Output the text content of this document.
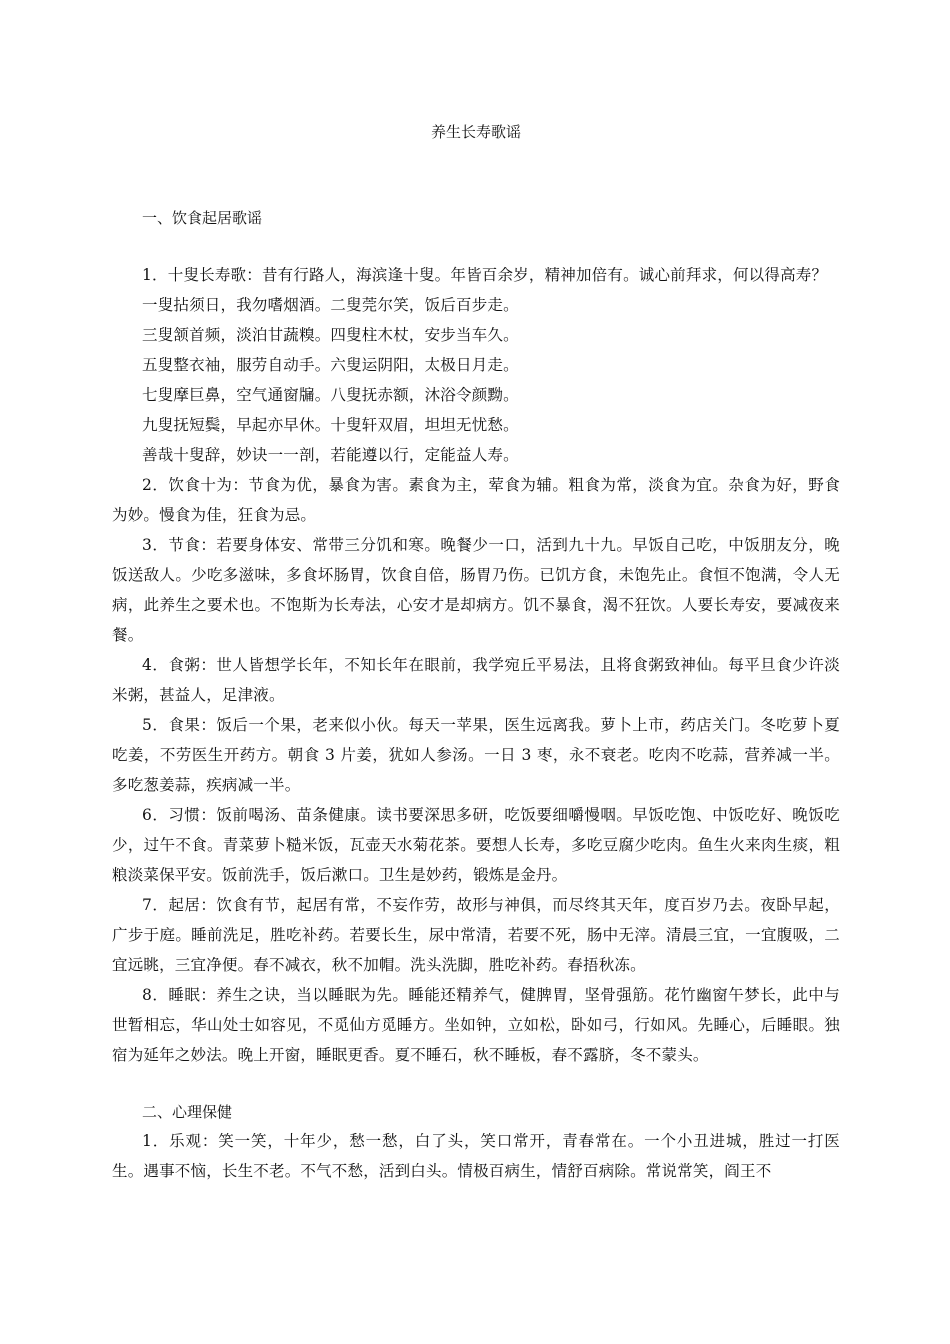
养生长寿歌谣

一、饮食起居歌谣

1．十叟长寿歌：昔有行路人，海滨逢十叟。年皆百余岁，精神加倍有。诚心前拜求，何以得高寿？

一叟拈须日，我勿嗜烟酒。二叟莞尔笑，饭后百步走。

三叟颔首频，淡泊甘蔬糗。四叟柱木杖，安步当车久。

五叟整衣袖，服劳自动手。六叟运阴阳，太极日月走。

七叟摩巨鼻，空气通窗牖。八叟抚赤额，沐浴令颜黝。

九叟抚短鬓，早起亦早休。十叟轩双眉，坦坦无忧愁。

善哉十叟辞，妙诀一一剖，若能遵以行，定能益人寿。

2．饮食十为：节食为优，暴食为害。素食为主，荤食为辅。粗食为常，淡食为宜。杂食为好，野食为妙。慢食为佳，狂食为忌。

3．节食：若要身体安、常带三分饥和寒。晚餐少一口，活到九十九。早饭自己吃，中饭朋友分，晚饭送敌人。少吃多滋味，多食坏肠胃，饮食自倍，肠胃乃伤。已饥方食，未饱先止。食恒不饱满，令人无病，此养生之要术也。不饱斯为长寿法，心安才是却病方。饥不暴食，渴不狂饮。人要长寿安，要减夜来餐。

4．食粥：世人皆想学长年，不知长年在眼前，我学宛丘平易法，且将食粥致神仙。每平旦食少许淡米粥，甚益人，足津液。

5．食果：饭后一个果，老来似小伙。每天一苹果，医生远离我。萝卜上市，药店关门。冬吃萝卜夏吃姜，不劳医生开药方。朝食 3 片姜，犹如人参汤。一日 3 枣，永不衰老。吃肉不吃蒜，营养减一半。多吃葱姜蒜，疾病减一半。

6．习惯：饭前喝汤、苗条健康。读书要深思多研，吃饭要细嚼慢咽。早饭吃饱、中饭吃好、晚饭吃少，过午不食。青菜萝卜糙米饭，瓦壶天水菊花茶。要想人长寿，多吃豆腐少吃肉。鱼生火来肉生痰，粗粮淡菜保平安。饭前洗手，饭后漱口。卫生是妙药，锻炼是金丹。

7．起居：饮食有节，起居有常，不妄作劳，故形与神俱，而尽终其天年，度百岁乃去。夜卧早起，广步于庭。睡前洗足，胜吃补药。若要长生，尿中常清，若要不死，肠中无滓。清晨三宜，一宜腹吸，二宜远眺，三宜净便。春不减衣，秋不加帽。洗头洗脚，胜吃补药。春捂秋冻。

8．睡眠：养生之诀，当以睡眠为先。睡能还精养气，健脾胃，坚骨强筋。花竹幽窗午梦长，此中与世暂相忘，华山处士如容见，不觅仙方觅睡方。坐如钟，立如松，卧如弓，行如风。先睡心，后睡眼。独宿为延年之妙法。晚上开窗，睡眠更香。夏不睡石，秋不睡板，春不露脐，冬不蒙头。

二、心理保健

1．乐观：笑一笑，十年少，愁一愁，白了头，笑口常开，青春常在。一个小丑进城，胜过一打医生。遇事不恼，长生不老。不气不愁，活到白头。情极百病生，情舒百病除。常说常笑，阎王不
